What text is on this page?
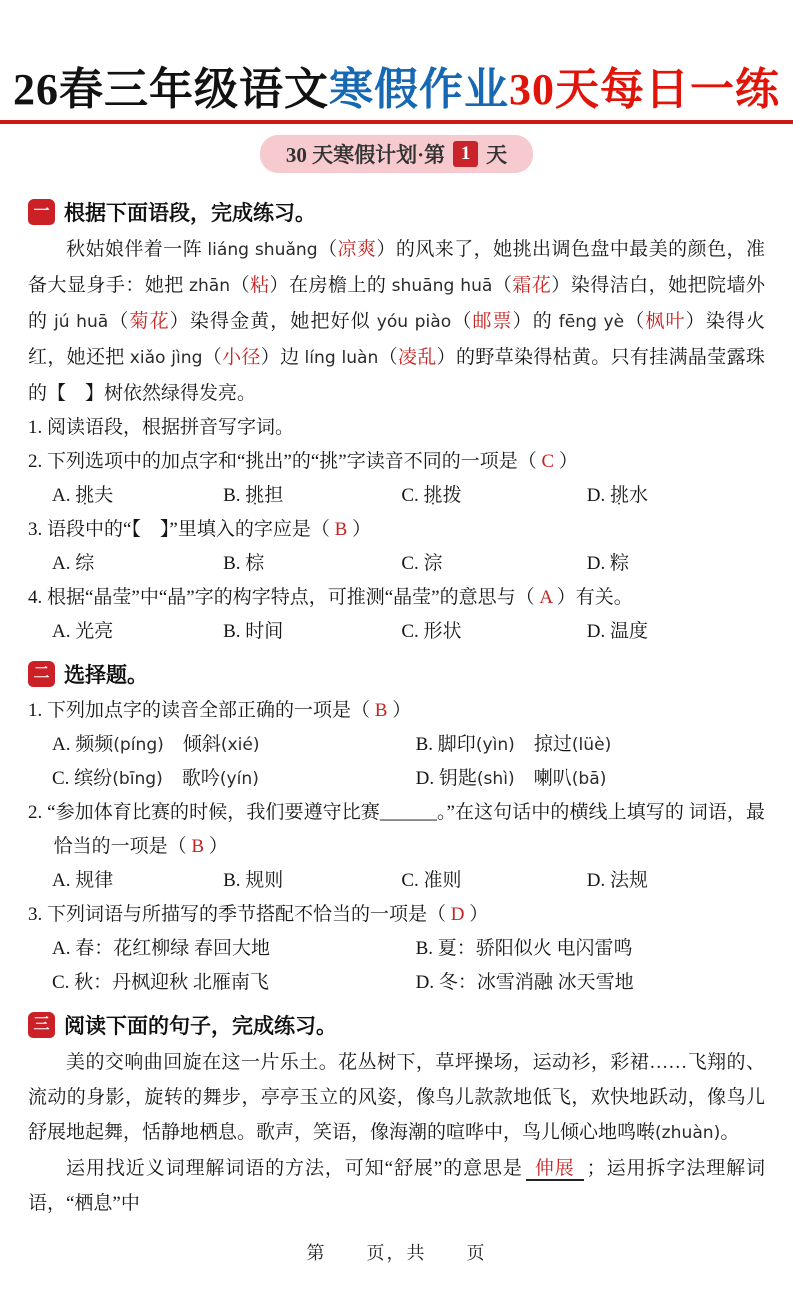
26春三年级语文寒假作业30天每日一练
30 天寒假计划·第 1 天
一 根据下面语段，完成练习。

秋姑娘伴着一阵 liáng shuǎng（凉爽）的风来了，她挑出调色盘中最美的颜色，准备大显身手：她把 zhān（粘）在房檐上的 shuāng huā（霜花）染得洁白，她把院墙外的 jú huā（菊花）染得金黄，她把好似 yóu piào（邮票）的 fēng yè（枫叶）染得火红，她还把 xiǎo jìng（小径）边 líng luàn（凌乱）的野草染得枯黄。只有挂满晶莹露珠的【　】树依然绿得发亮。

1. 阅读语段，根据拼音写字词。

2. 下列选项中的加点字和“挑出”的“挑”字读音不同的一项是（ C ）

A. 挑 ●夫	B. 挑 ●担	C. 挑 ●拨	D. 挑 ●水

3. 语段中的“【　】”里填入的字应是（ B ）

A. 综	B. 棕	C. 淙	D. 粽

4. 根据“晶莹”中“晶”字的构字特点，可推测“晶莹”的意思与（ A ）有关。

A. 光亮	B. 时间	C. 形状	D. 温度
二 选择题。

1. 下列加点字的读音全部正确的一项是（ B ）

A. 频频(píng)　倾斜(xié)	B. 脚印(yìn)　掠过(lüè)
C. 缤纷(bīng)　歌吟(yín)	D. 钥匙(shì)　喇叭(bā)

2. “参加体育比赛的时候，我们要遵守比赛______。”在这句话中的横线上填写的 词语，最恰当的一项是（ B ）

A. 规律	B. 规则	C. 准则	D. 法规

3. 下列词语与所描写的季节搭配不恰当的一项是（ D ）

A. 春：花红柳绿 春回大地	B. 夏：骄阳似火 电闪雷鸣
C. 秋：丹枫迎秋 北雁南飞	D. 冬：冰雪消融 冰天雪地
三 阅读下面的句子，完成练习。

美的交响曲回旋在这一片乐土。花丛树下，草坪操场，运动衫，彩裙……飞翔的、流动的身影，旋转的舞步，亭亭玉立的风姿，像鸟儿款款地低飞，欢快地跃动，像鸟儿舒展地起舞，恬静地栖息。歌声，笑语，像海潮的喧哗中，鸟儿倾心地鸣啭(zhuàn)。

运用找近义词理解词语的方法，可知“舒展”的意思是 伸展 ；运用拆字法理解词语，“栖息”中

第　　页，共　　页
